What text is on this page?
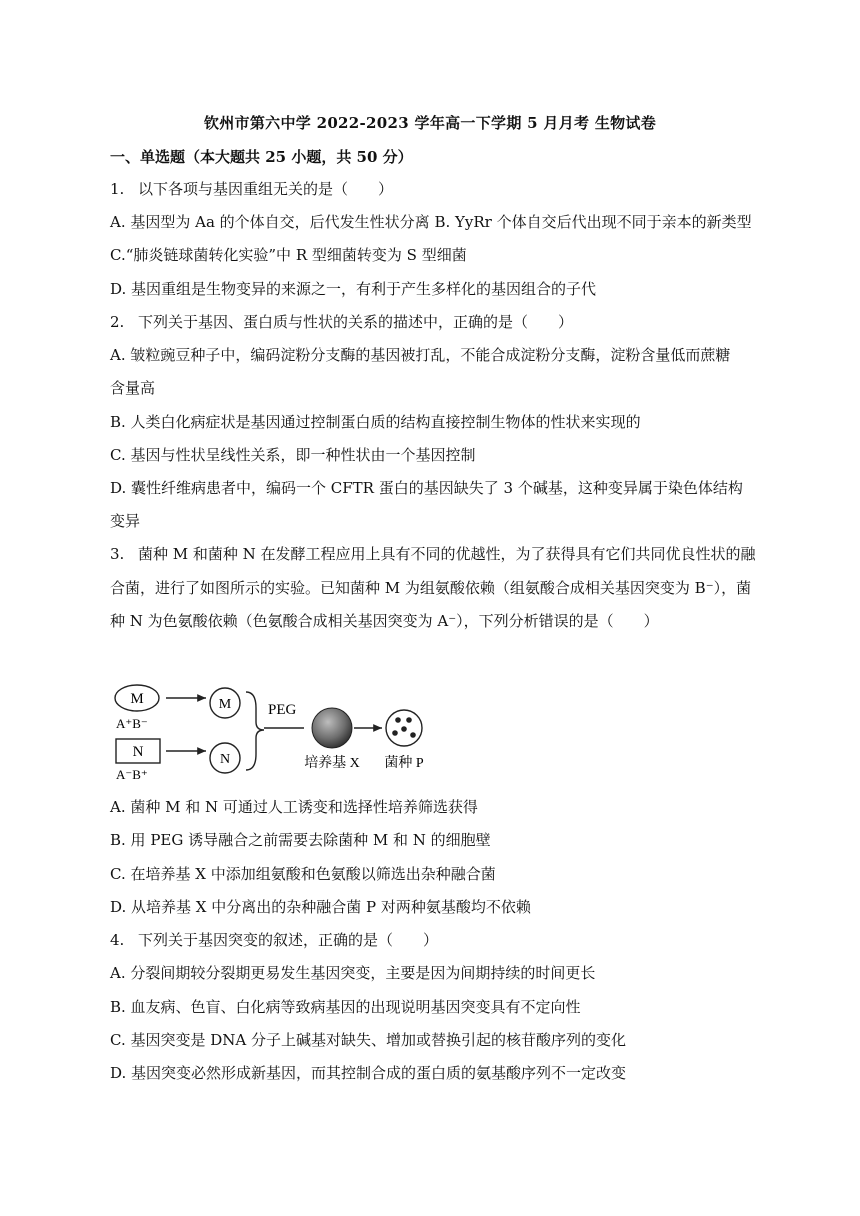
钦州市第六中学 2022-2023 学年高一下学期 5 月月考 生物试卷
一、单选题（本大题共 25 小题，共 50 分）
1. 以下各项与基因重组无关的是（　　）
A. 基因型为 Aa 的个体自交，后代发生性状分离 B. YyRr 个体自交后代出现不同于亲本的新类型
C.“肺炎链球菌转化实验”中 R 型细菌转变为 S 型细菌
D. 基因重组是生物变异的来源之一，有利于产生多样化的基因组合的子代
2. 下列关于基因、蛋白质与性状的关系的描述中，正确的是（　　）
A. 皱粒豌豆种子中，编码淀粉分支酶的基因被打乱，不能合成淀粉分支酶，淀粉含量低而蔗糖
含量高
B. 人类白化病症状是基因通过控制蛋白质的结构直接控制生物体的性状来实现的
C. 基因与性状呈线性关系，即一种性状由一个基因控制
D. 囊性纤维病患者中，编码一个 CFTR 蛋白的基因缺失了 3 个碱基，这种变异属于染色体结构
变异
3. 菌种 M 和菌种 N 在发酵工程应用上具有不同的优越性，为了获得具有它们共同优良性状的融
合菌，进行了如图所示的实验。已知菌种 M 为组氨酸依赖（组氨酸合成相关基因突变为 B⁻），菌
种 N 为色氨酸依赖（色氨酸合成相关基因突变为 A⁻），下列分析错误的是（　　）
M
A⁺B⁻
N
A⁻B⁺
M
N
PEG
培养基 X 菌种 P
A. 菌种 M 和 N 可通过人工诱变和选择性培养筛选获得
B. 用 PEG 诱导融合之前需要去除菌种 M 和 N 的细胞壁
C. 在培养基 X 中添加组氨酸和色氨酸以筛选出杂种融合菌
D. 从培养基 X 中分离出的杂种融合菌 P 对两种氨基酸均不依赖
4. 下列关于基因突变的叙述，正确的是（　　）
A. 分裂间期较分裂期更易发生基因突变，主要是因为间期持续的时间更长
B. 血友病、色盲、白化病等致病基因的出现说明基因突变具有不定向性
C. 基因突变是 DNA 分子上碱基对缺失、增加或替换引起的核苷酸序列的变化
D. 基因突变必然形成新基因，而其控制合成的蛋白质的氨基酸序列不一定改变
